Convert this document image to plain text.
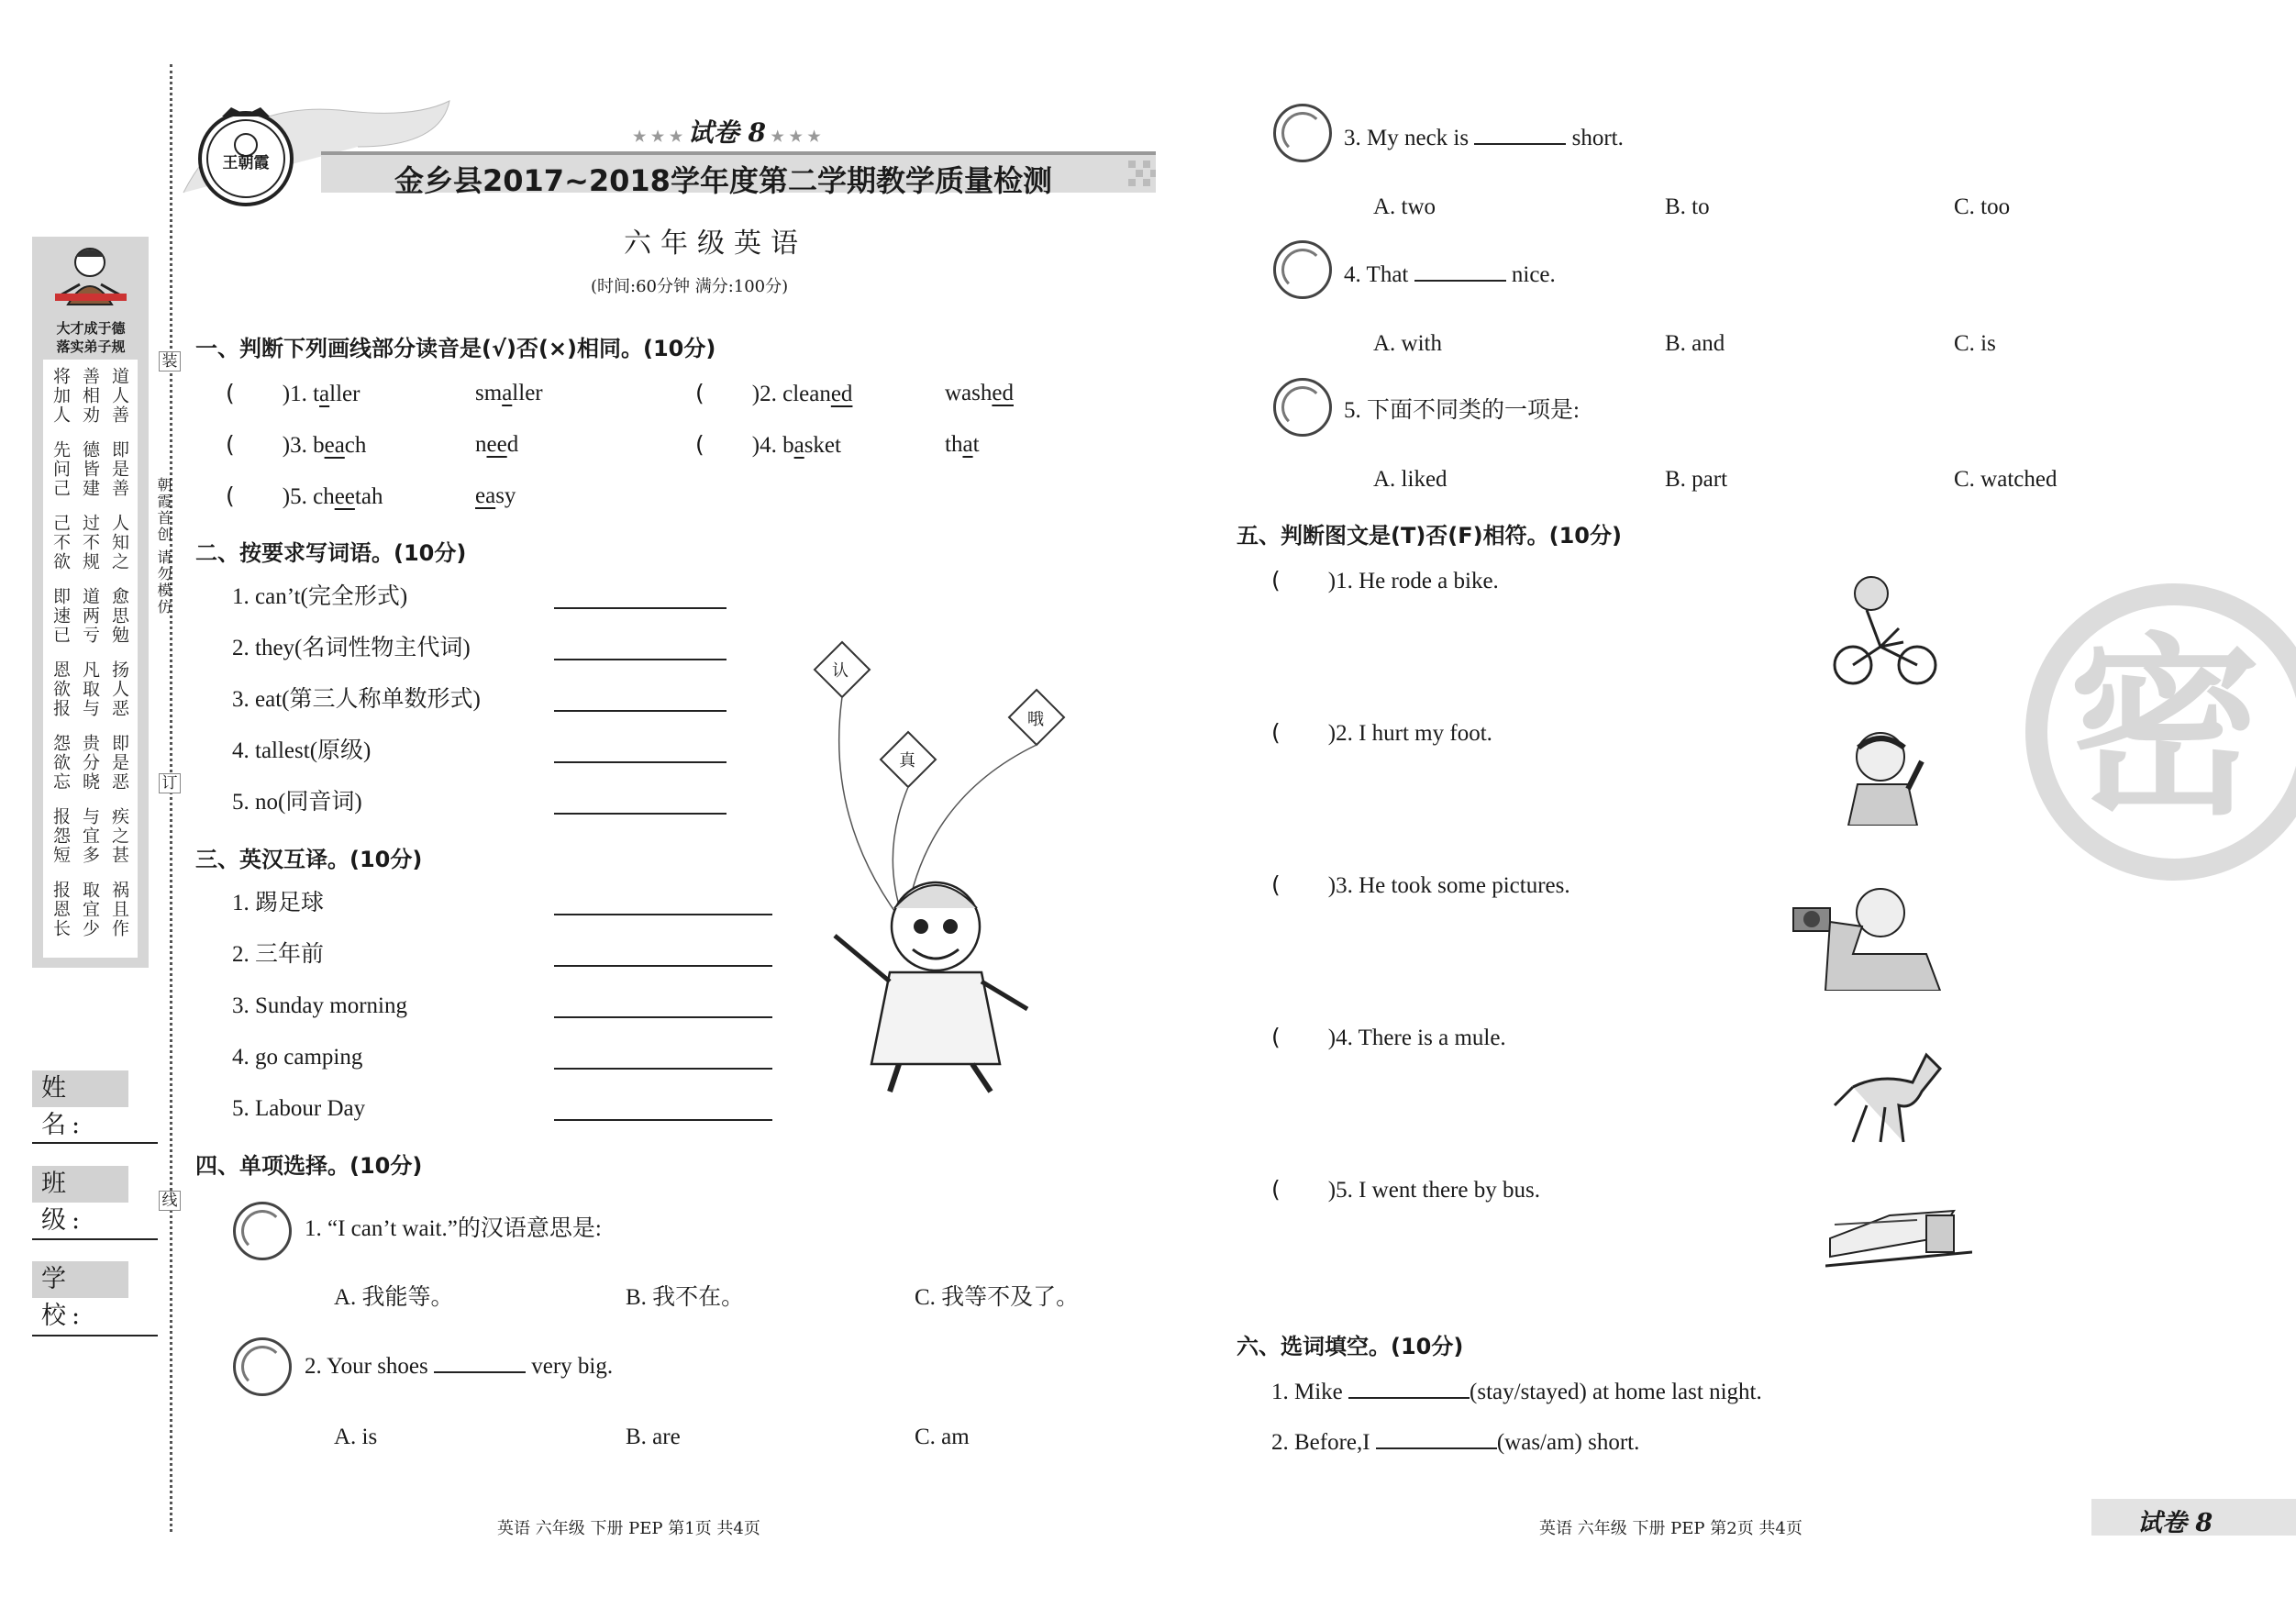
大才成于德
落实弟子规
将加人 善相劝 道人善
先问己 德皆建 即是善
己不欲 过不规 人知之
即速已 道两亏 愈思勉
恩欲报 凡取与 扬人恶
怨欲忘 贵分晓 即是恶
报怨短 与宜多 疾之甚
报恩长 取宜少 祸且作
姓 名:
班 级:
学 校:
装
订
线
朝霞首创 请勿模仿
王朝霞
★ ★ ★ 试卷 8 ★ ★ ★
金乡县2017~2018学年度第二学期教学质量检测
六年级英语
(时间:60分钟 满分:100分)
一、判断下列画线部分读音是(√)否(×)相同。(10分)
( )1. taller	smaller	( )2. cleaned	washed
( )3. beach	need	( )4. basket	that
( )5. cheetah	easy
二、按要求写词语。(10分)
1. can’t(完全形式)
2. they(名词性物主代词)
3. eat(第三人称单数形式)
4. tallest(原级)
5. no(同音词)
三、英汉互译。(10分)
1. 踢足球
2. 三年前
3. Sunday morning
4. go camping
5. Labour Day
认
真
哦
四、单项选择。(10分)
1. “I can’t wait.”的汉语意思是:
A. 我能等。	B. 我不在。	C. 我等不及了。
2. Your shoes	very big.
A. is	B. are	C. am
3. My neck is	short.
A. two	B. to	C. too
4. That	nice.
A. with	B. and	C. is
5. 下面不同类的一项是:
A. liked	B. part	C. watched
五、判断图文是(T)否(F)相符。(10分)
( )1. He rode a bike.
( )2. I hurt my foot.
( )3. He took some pictures.
( )4. There is a mule.
( )5. I went there by bus.
六、选词填空。(10分)
1. Mike	(stay/stayed) at home last night.
2. Before,I	(was/am) short.
密
英语 六年级 下册 PEP 第1页 共4页	英语 六年级 下册 PEP 第2页 共4页	试卷 8
